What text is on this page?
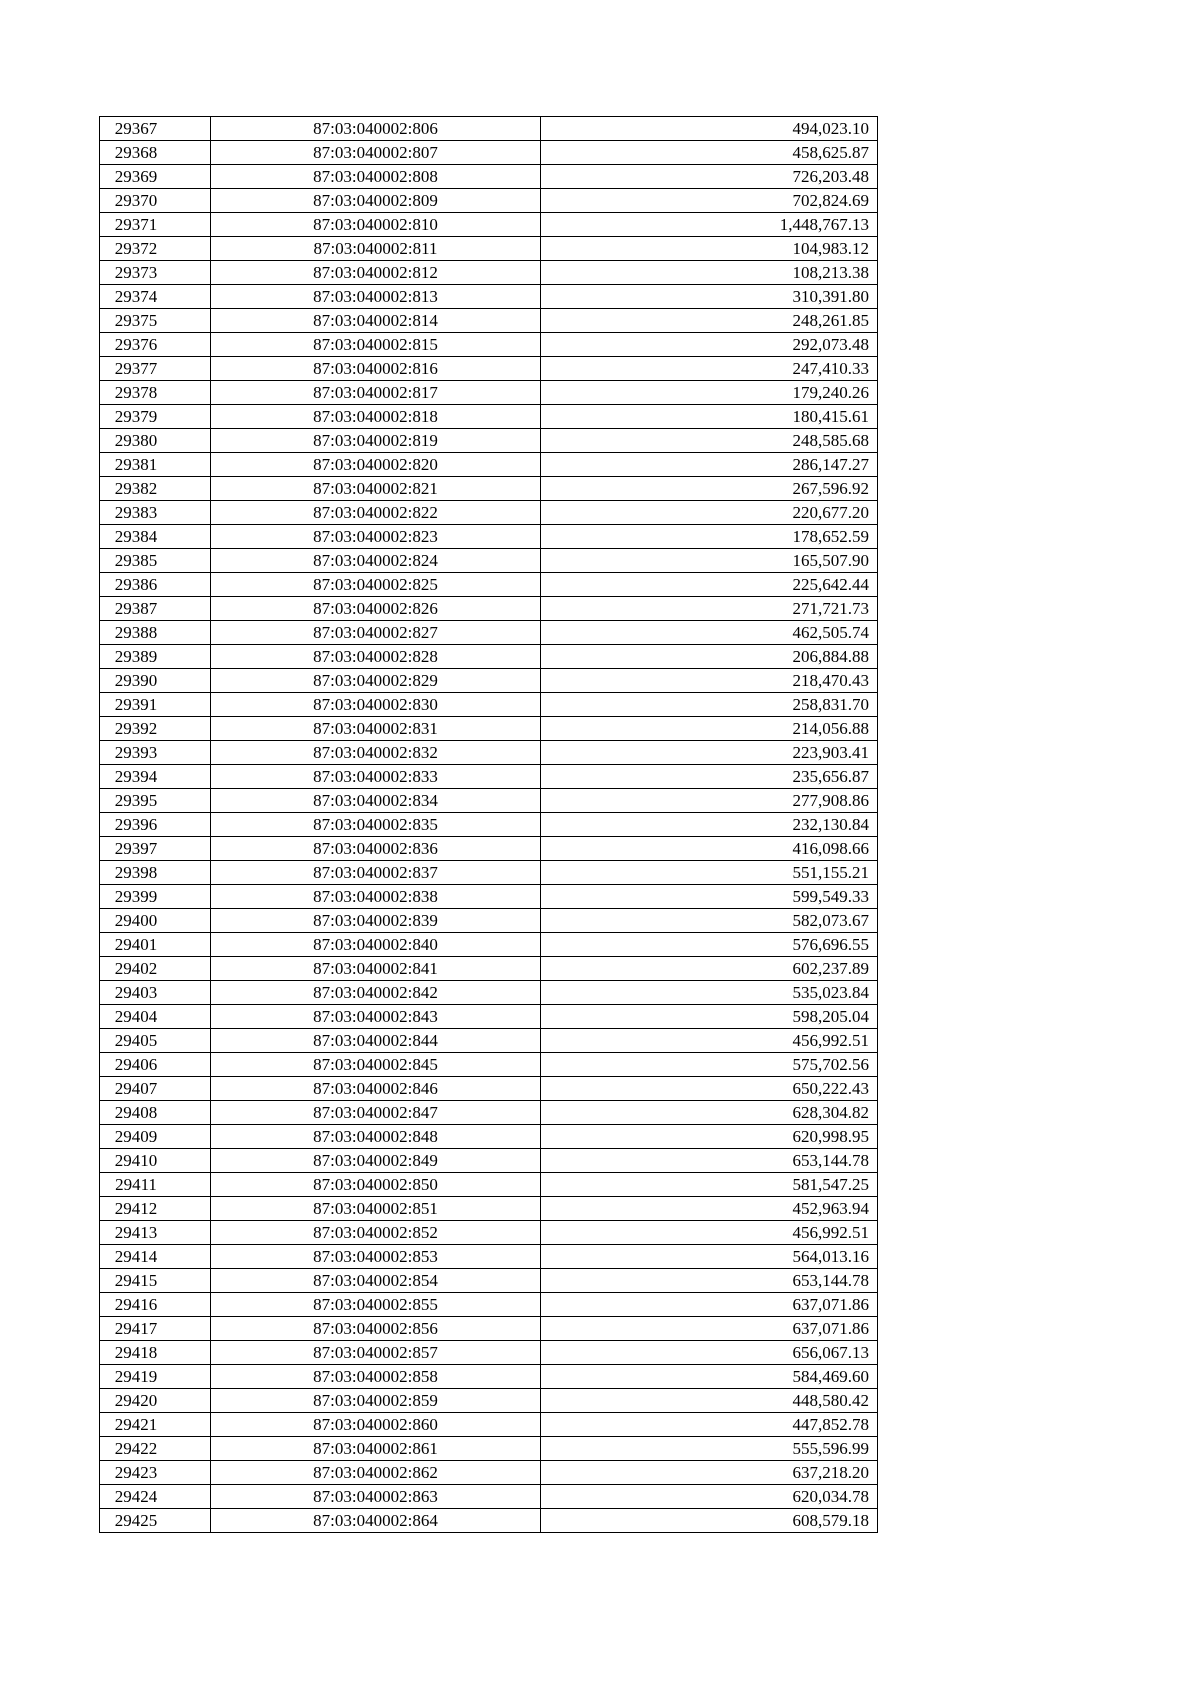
29367	87:03:040002:806	494,023.10
29368	87:03:040002:807	458,625.87
29369	87:03:040002:808	726,203.48
29370	87:03:040002:809	702,824.69
29371	87:03:040002:810	1,448,767.13
29372	87:03:040002:811	104,983.12
29373	87:03:040002:812	108,213.38
29374	87:03:040002:813	310,391.80
29375	87:03:040002:814	248,261.85
29376	87:03:040002:815	292,073.48
29377	87:03:040002:816	247,410.33
29378	87:03:040002:817	179,240.26
29379	87:03:040002:818	180,415.61
29380	87:03:040002:819	248,585.68
29381	87:03:040002:820	286,147.27
29382	87:03:040002:821	267,596.92
29383	87:03:040002:822	220,677.20
29384	87:03:040002:823	178,652.59
29385	87:03:040002:824	165,507.90
29386	87:03:040002:825	225,642.44
29387	87:03:040002:826	271,721.73
29388	87:03:040002:827	462,505.74
29389	87:03:040002:828	206,884.88
29390	87:03:040002:829	218,470.43
29391	87:03:040002:830	258,831.70
29392	87:03:040002:831	214,056.88
29393	87:03:040002:832	223,903.41
29394	87:03:040002:833	235,656.87
29395	87:03:040002:834	277,908.86
29396	87:03:040002:835	232,130.84
29397	87:03:040002:836	416,098.66
29398	87:03:040002:837	551,155.21
29399	87:03:040002:838	599,549.33
29400	87:03:040002:839	582,073.67
29401	87:03:040002:840	576,696.55
29402	87:03:040002:841	602,237.89
29403	87:03:040002:842	535,023.84
29404	87:03:040002:843	598,205.04
29405	87:03:040002:844	456,992.51
29406	87:03:040002:845	575,702.56
29407	87:03:040002:846	650,222.43
29408	87:03:040002:847	628,304.82
29409	87:03:040002:848	620,998.95
29410	87:03:040002:849	653,144.78
29411	87:03:040002:850	581,547.25
29412	87:03:040002:851	452,963.94
29413	87:03:040002:852	456,992.51
29414	87:03:040002:853	564,013.16
29415	87:03:040002:854	653,144.78
29416	87:03:040002:855	637,071.86
29417	87:03:040002:856	637,071.86
29418	87:03:040002:857	656,067.13
29419	87:03:040002:858	584,469.60
29420	87:03:040002:859	448,580.42
29421	87:03:040002:860	447,852.78
29422	87:03:040002:861	555,596.99
29423	87:03:040002:862	637,218.20
29424	87:03:040002:863	620,034.78
29425	87:03:040002:864	608,579.18
